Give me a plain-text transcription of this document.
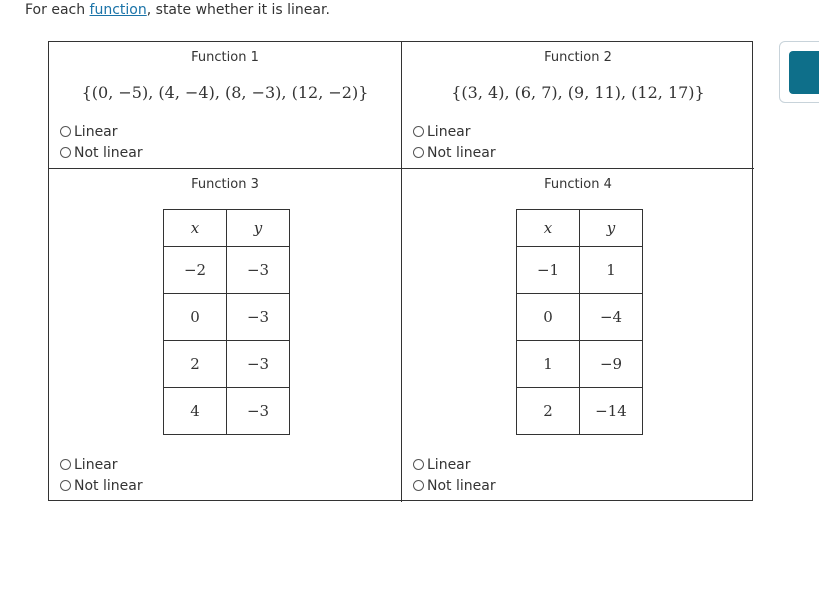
For each function, state whether it is linear.
Function 1
{(0, −5), (4, −4), (8, −3), (12, −2)}
Linear
Not linear
Function 2
{(3, 4), (6, 7), (9, 11), (12, 17)}
Linear
Not linear
Function 3
x	y
−2	−3
0	−3
2	−3
4	−3
Linear
Not linear
Function 4
x	y
−1	1
0	−4
1	−9
2	−14
Linear
Not linear
